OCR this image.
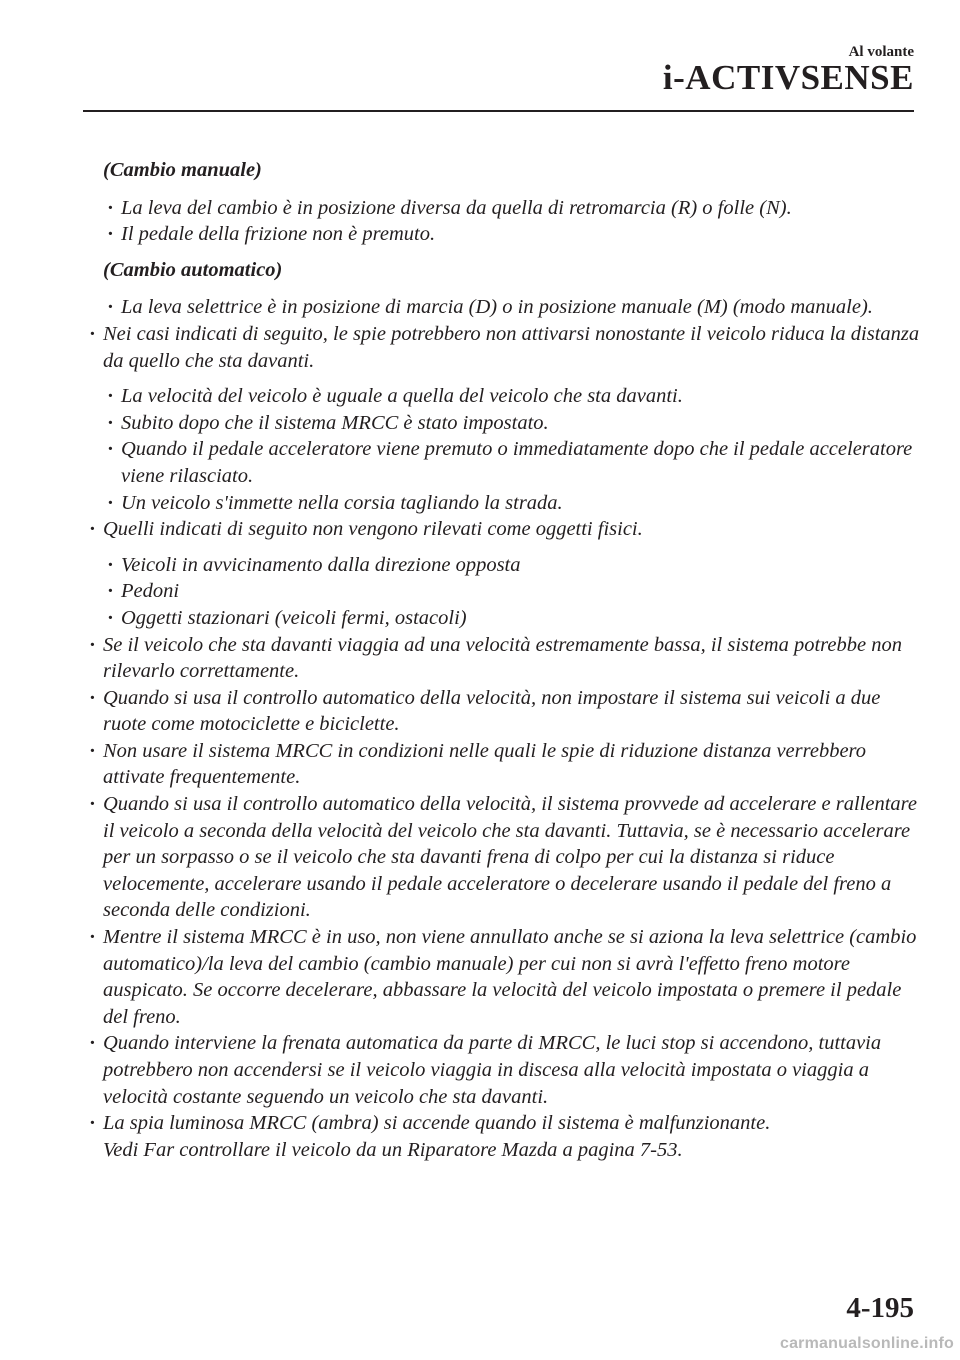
Al volante
i-ACTIVSENSE
(Cambio manuale)
· La leva del cambio è in posizione diversa da quella di retromarcia (R) o folle (N).
· Il pedale della frizione non è premuto.
(Cambio automatico)
· La leva selettrice è in posizione di marcia (D) o in posizione manuale (M) (modo manuale).
· Nei casi indicati di seguito, le spie potrebbero non attivarsi nonostante il veicolo riduca la distanza da quello che sta davanti.
· La velocità del veicolo è uguale a quella del veicolo che sta davanti.
· Subito dopo che il sistema MRCC è stato impostato.
· Quando il pedale acceleratore viene premuto o immediatamente dopo che il pedale acceleratore viene rilasciato.
· Un veicolo s'immette nella corsia tagliando la strada.
· Quelli indicati di seguito non vengono rilevati come oggetti fisici.
· Veicoli in avvicinamento dalla direzione opposta
· Pedoni
· Oggetti stazionari (veicoli fermi, ostacoli)
· Se il veicolo che sta davanti viaggia ad una velocità estremamente bassa, il sistema potrebbe non rilevarlo correttamente.
· Quando si usa il controllo automatico della velocità, non impostare il sistema sui veicoli a due ruote come motociclette e biciclette.
· Non usare il sistema MRCC in condizioni nelle quali le spie di riduzione distanza verrebbero attivate frequentemente.
· Quando si usa il controllo automatico della velocità, il sistema provvede ad accelerare e rallentare il veicolo a seconda della velocità del veicolo che sta davanti. Tuttavia, se è necessario accelerare per un sorpasso o se il veicolo che sta davanti frena di colpo per cui la distanza si riduce velocemente, accelerare usando il pedale acceleratore o decelerare usando il pedale del freno a seconda delle condizioni.
· Mentre il sistema MRCC è in uso, non viene annullato anche se si aziona la leva selettrice (cambio automatico)/la leva del cambio (cambio manuale) per cui non si avrà l'effetto freno motore auspicato. Se occorre decelerare, abbassare la velocità del veicolo impostata o premere il pedale del freno.
· Quando interviene la frenata automatica da parte di MRCC, le luci stop si accendono, tuttavia potrebbero non accendersi se il veicolo viaggia in discesa alla velocità impostata o viaggia a velocità costante seguendo un veicolo che sta davanti.
· La spia luminosa MRCC (ambra) si accende quando il sistema è malfunzionante.
Vedi Far controllare il veicolo da un Riparatore Mazda a pagina 7-53.
4-195
carmanualsonline.info
